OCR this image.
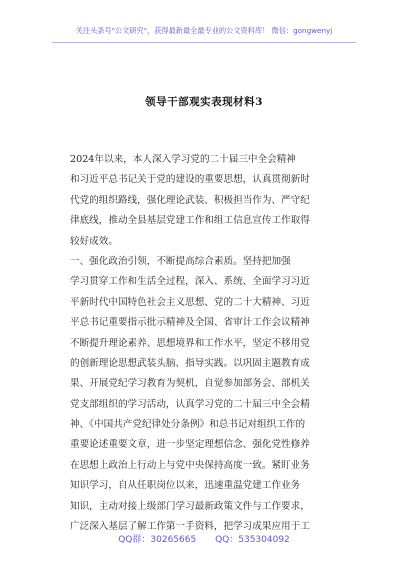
关注头条号"公文研究"，获得最新最全最专业的公文资料库！ 微信：gongwenyj
领导干部观实表现材料3
2024年以来，本人深入学习党的二十届三中全会精神
和习近平总书记关于党的建设的重要思想，认真贯彻新时
代党的组织路线，强化理论武装、积极担当作为、严守纪
律底线，推动全县基层党建工作和组工信息宣传工作取得
较好成效。
一、强化政治引领，不断提高综合素质。坚持把加强
学习贯穿工作和生活全过程，深入、系统、全面学习习近
平新时代中国特色社会主义思想、党的二十大精神、习近
平总书记重要指示批示精神及全国、省审计工作会议精神
不断提升理论素养、思想境界和工作水平，坚定不移用党
的创新理论思想武装头脑、指导实践。以巩固主题教育成
果、开展党纪学习教育为契机，自觉参加部务会、部机关
党支部组织的学习活动，认真学习党的二十届三中全会精
神、《中国共产党纪律处分条例》和总书记对组织工作的
重要论述重要文章，进一步坚定理想信念、强化党性修养
在思想上政治上行动上与党中央保持高度一致。紧盯业务
知识学习，自从任职岗位以来，迅速重温党建工作业务
知识，主动对接上级部门学习最新政策文件与工作要求，
广泛深入基层了解工作第一手资料，把学习成果应用于工
QQ群：30265665 QQ：535304092
